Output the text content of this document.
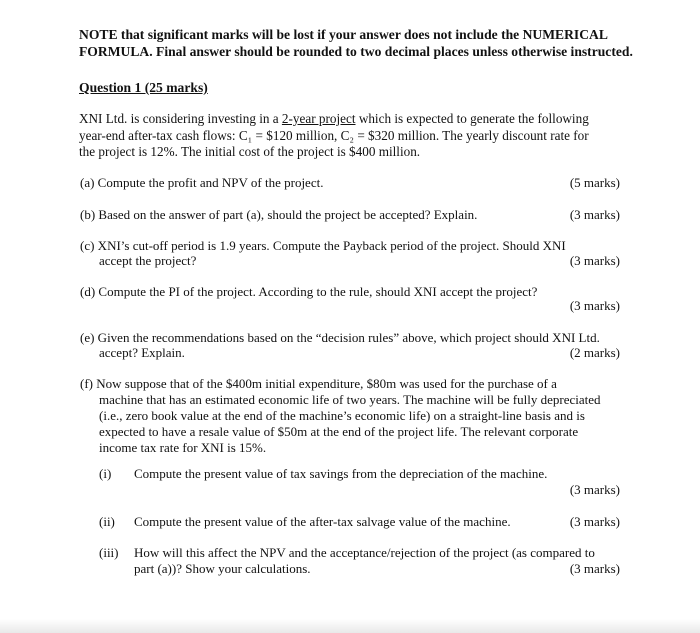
NOTE that significant marks will be lost if your answer does not include the NUMERICAL
FORMULA. Final answer should be rounded to two decimal places unless otherwise instructed.
Question 1 (25 marks)
XNI Ltd. is considering investing in a 2-year project which is expected to generate the following
year-end after-tax cash flows: C₁ = $120 million, C₂ = $320 million. The yearly discount rate for
the project is 12%. The initial cost of the project is $400 million.
(a) Compute the profit and NPV of the project.	(5 marks)
(b) Based on the answer of part (a), should the project be accepted? Explain.	(3 marks)
(c) XNI’s cut-off period is 1.9 years. Compute the Payback period of the project. Should XNI
accept the project?	(3 marks)
(d) Compute the PI of the project. According to the rule, should XNI accept the project?
(3 marks)
(e) Given the recommendations based on the “decision rules” above, which project should XNI Ltd.
accept? Explain.	(2 marks)
(f) Now suppose that of the $400m initial expenditure, $80m was used for the purchase of a
machine that has an estimated economic life of two years. The machine will be fully depreciated
(i.e., zero book value at the end of the machine’s economic life) on a straight-line basis and is
expected to have a resale value of $50m at the end of the project life. The relevant corporate
income tax rate for XNI is 15%.
(i) Compute the present value of tax savings from the depreciation of the machine.
(3 marks)
(ii) Compute the present value of the after-tax salvage value of the machine.	(3 marks)
(iii) How will this affect the NPV and the acceptance/rejection of the project (as compared to
part (a))? Show your calculations.	(3 marks)
